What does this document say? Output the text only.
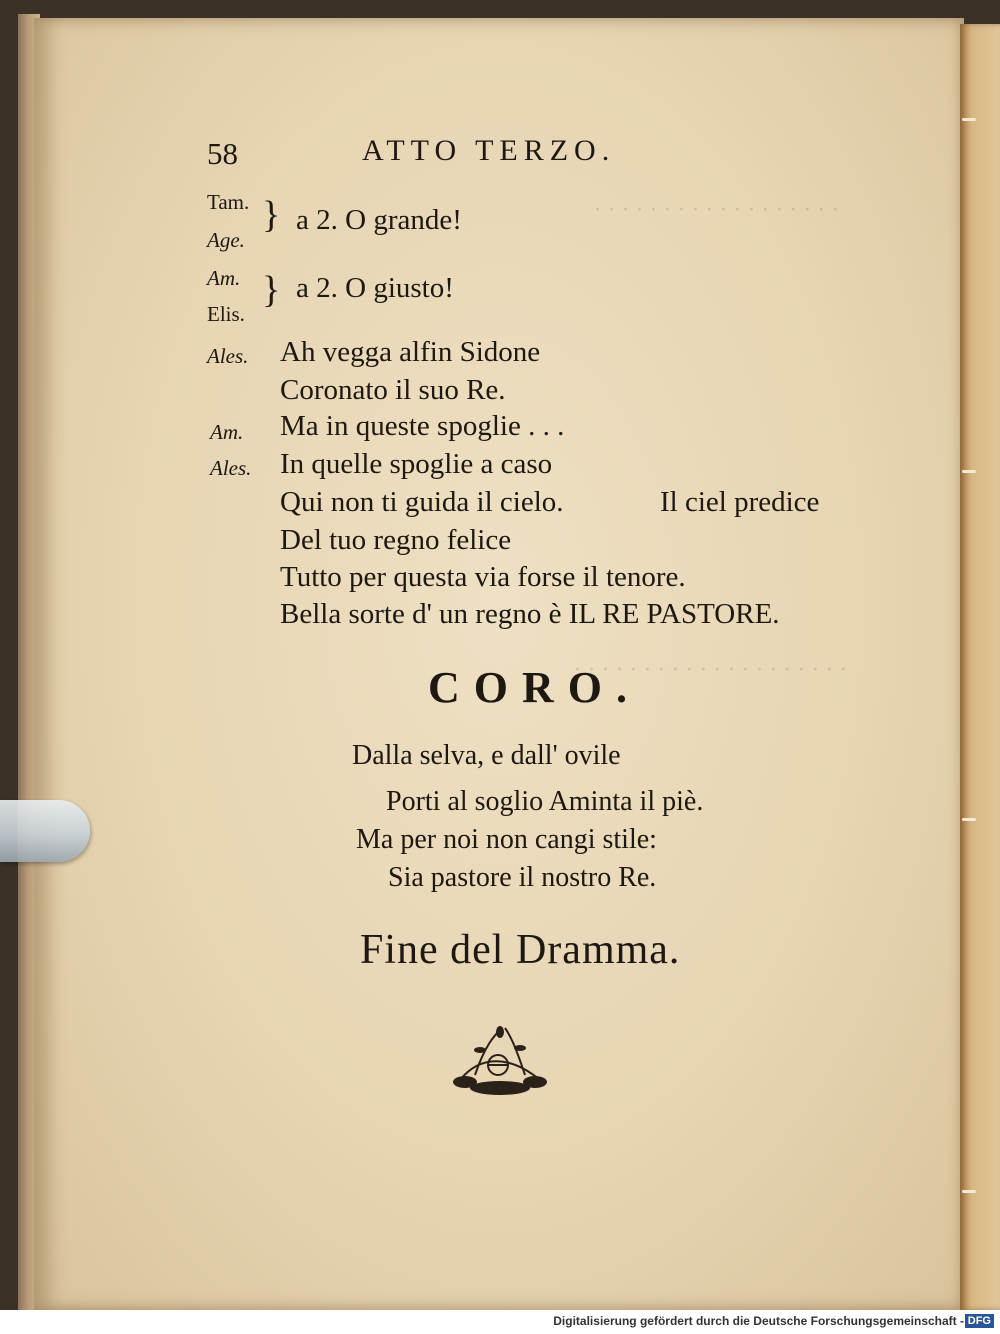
· · · · · · · · · · · · · · · · · ·
· · · · · · · · · · · · · · · · · · · ·
58	ATTO TERZO.
Tam.
Age.
} a 2. O grande!
Am.
Elis.
} a 2. O giusto!
Ales. Ah vegga alfin Sidone
Coronato il suo Re.
Am. Ma in queste spoglie . . .
Ales. In quelle spoglie a caso
Qui non ti guida il cielo.	Il ciel predice
Del tuo regno felice
Tutto per questa via forse il tenore.
Bella sorte d' un regno è IL RE PASTORE.
CORO.
Dalla selva, e dall' ovile
Porti al soglio Aminta il piè.
Ma per noi non cangi stile:
Sia pastore il nostro Re.
Fine del Dramma.
Digitalisierung gefördert durch die Deutsche Forschungsgemeinschaft - DFG
